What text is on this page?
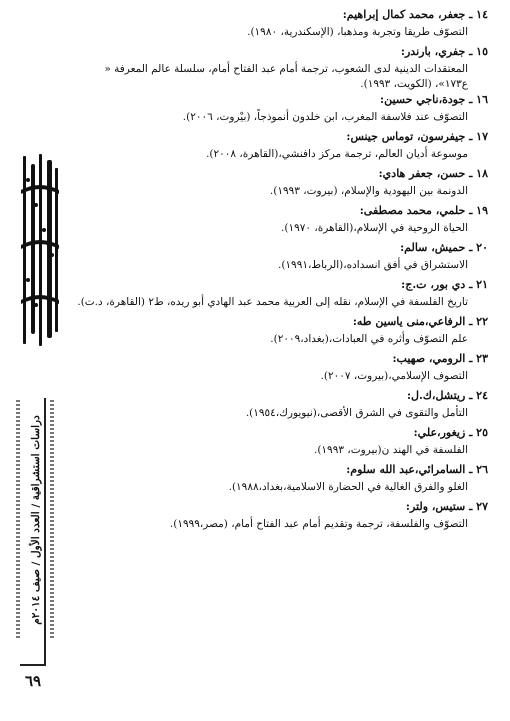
١٤ ـ جعفر، محمد كمال إبراهيم:
التصوّف طريقا وتجربة ومذهبا، (الإسكندرية، ١٩٨٠).
١٥ ـ جفري، بارندر:
المعتقدات الدينية لدى الشعوب، ترجمة أمام عبد الفتاح أمام، سلسلة عالم المعرفة « ع١٧٣»، (الكويت، ١٩٩٣).
١٦ ـ جودة،ناجي حسين:
التصوّف عند فلاسفة المغرب، ابن خلدون أنموذجاً، (بيْروت، ٢٠٠٦).
١٧ ـ جيفرسون، توماس جينس:
موسوعة أديان العالم، ترجمة مركز دافنشي،(القاهرة، ٢٠٠٨).
١٨ ـ حسن، جعفر هادي:
الدونمة بين اليهودية والإسلام، (بيروت، ١٩٩٣).
١٩ ـ حلمي، محمد مصطفى:
الحياة الروحية في الإسلام،(القاهرة، ١٩٧٠).
٢٠ ـ حميش، سالم:
الاستشراق في أفق انسداده،(الرباط،١٩٩١).
٢١ ـ دي بور، ت.ج:
تاريخ الفلسفة في الإسلام، نقله إلى العربية محمد عبد الهادي أبو ريده، ط٢ (القاهرة، د.ت).
٢٢ ـ الرفاعي،منى ياسين طه:
علم التصوّف وأثره في العبادات،(بغداد،٢٠٠٩).
٢٣ ـ الرومي، صهيب:
التصوف الإسلامي،(بيروت، ٢٠٠٧).
٢٤ ـ ريتشل،ك.ل:
التأمل والتقوى في الشرق الأقصى،(نيويورك،١٩٥٤).
٢٥ ـ زيغور،علي:
الفلسفة في الهند ن(بيروت، ١٩٩٣).
٢٦ ـ السامرائي،عبد الله سلوم:
الغلو والفرق الغالية في الحضارة الاسلامية،بغداد،١٩٨٨).
٢٧ ـ ستيس، ولتر:
التصوّف والفلسفة، ترجمة وتقديم أمام عبد الفتاح أمام، (مصر،١٩٩٩).
دراسات استشراقية / العدد الأول / صيف ٢٠١٤م
٦٩
